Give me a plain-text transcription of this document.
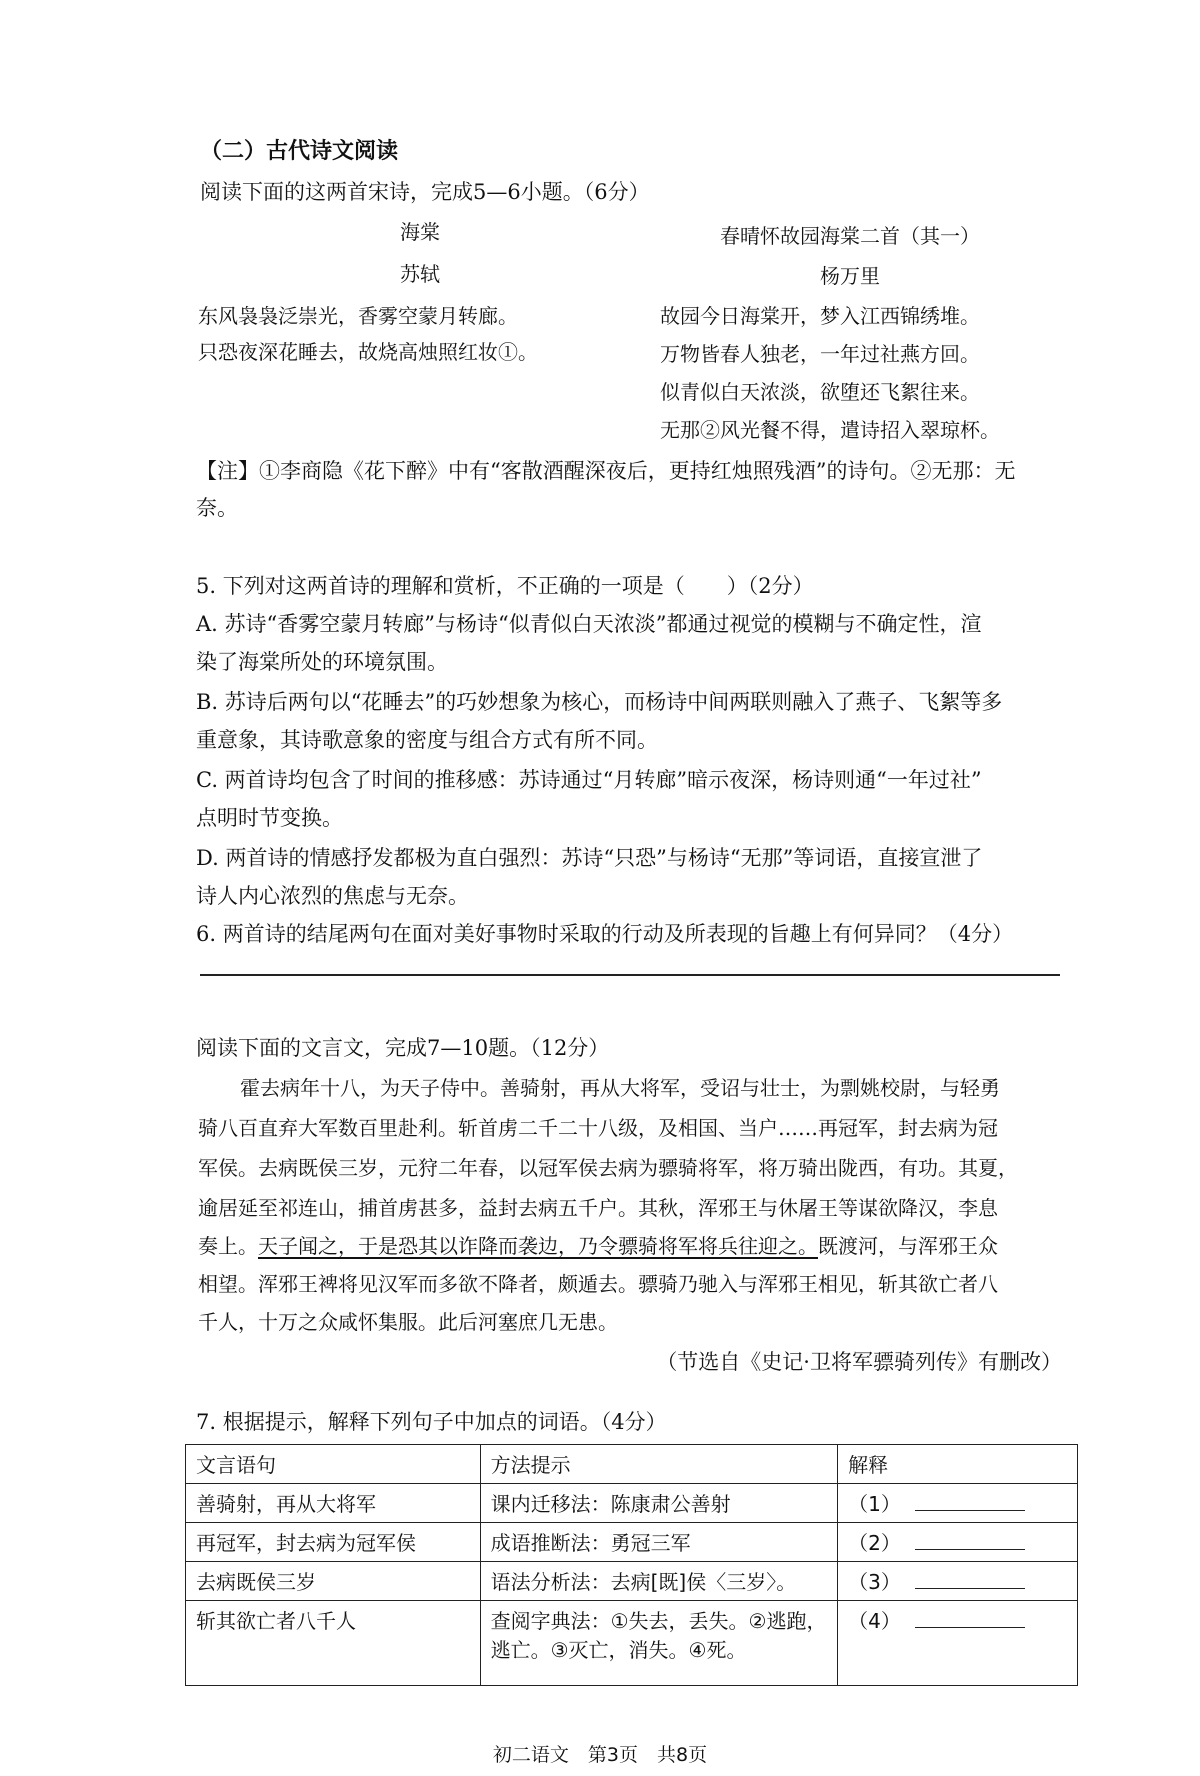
（二）古代诗文阅读
阅读下面的这两首宋诗，完成5—6小题。（6分）
海棠
苏轼
东风袅袅泛崇光，香雾空蒙月转廊。
只恐夜深花睡去，故烧高烛照红妆①。
春晴怀故园海棠二首（其一）
杨万里
故园今日海棠开，梦入江西锦绣堆。
万物皆春人独老，一年过社燕方回。
似青似白天浓淡，欲堕还飞絮往来。
无那②风光餐不得，遣诗招入翠琼杯。
【注】①李商隐《花下醉》中有“客散酒醒深夜后，更持红烛照残酒”的诗句。②无那：无
奈。
5. 下列对这两首诗的理解和赏析，不正确的一项是（　　）（2分）
A. 苏诗“香雾空蒙月转廊”与杨诗“似青似白天浓淡”都通过视觉的模糊与不确定性，渲
染了海棠所处的环境氛围。
B. 苏诗后两句以“花睡去”的巧妙想象为核心，而杨诗中间两联则融入了燕子、飞絮等多
重意象，其诗歌意象的密度与组合方式有所不同。
C. 两首诗均包含了时间的推移感：苏诗通过“月转廊”暗示夜深，杨诗则通“一年过社”
点明时节变换。
D. 两首诗的情感抒发都极为直白强烈：苏诗“只恐”与杨诗“无那”等词语，直接宣泄了
诗人内心浓烈的焦虑与无奈。
6. 两首诗的结尾两句在面对美好事物时采取的行动及所表现的旨趣上有何异同？（4分）
阅读下面的文言文，完成7—10题。（12分）
霍去病年十八，为天子侍中。善骑射，再从大将军，受诏与壮士，为剽姚校尉，与轻勇
骑八百直弃大军数百里赴利。斩首虏二千二十八级，及相国、当户……再冠军，封去病为冠
军侯。去病既侯三岁，元狩二年春，以冠军侯去病为骠骑将军，将万骑出陇西，有功。其夏，
逾居延至祁连山，捕首虏甚多，益封去病五千户。其秋，浑邪王与休屠王等谋欲降汉，李息
奏上。天子闻之，于是恐其以诈降而袭边，乃令骠骑将军将兵往迎之。既渡河，与浑邪王众
相望。浑邪王裨将见汉军而多欲不降者，颇遁去。骠骑乃驰入与浑邪王相见，斩其欲亡者八
千人，十万之众咸怀集服。此后河塞庶几无患。
（节选自《史记·卫将军骠骑列传》有删改）
7. 根据提示，解释下列句子中加点的词语。（4分）
文言语句	方法提示	解释
善骑射，再从大将军	课内迁移法：陈康肃公善射	（1）
再冠军，封去病为冠军侯	成语推断法：勇冠三军	（2）
去病既侯三岁	语法分析法：去病[既]侯〈三岁〉。	（3）
斩其欲亡者八千人	查阅字典法：①失去，丢失。②逃跑，
逃亡。③灭亡，消失。④死。	（4）
初二语文　第3页　共8页
